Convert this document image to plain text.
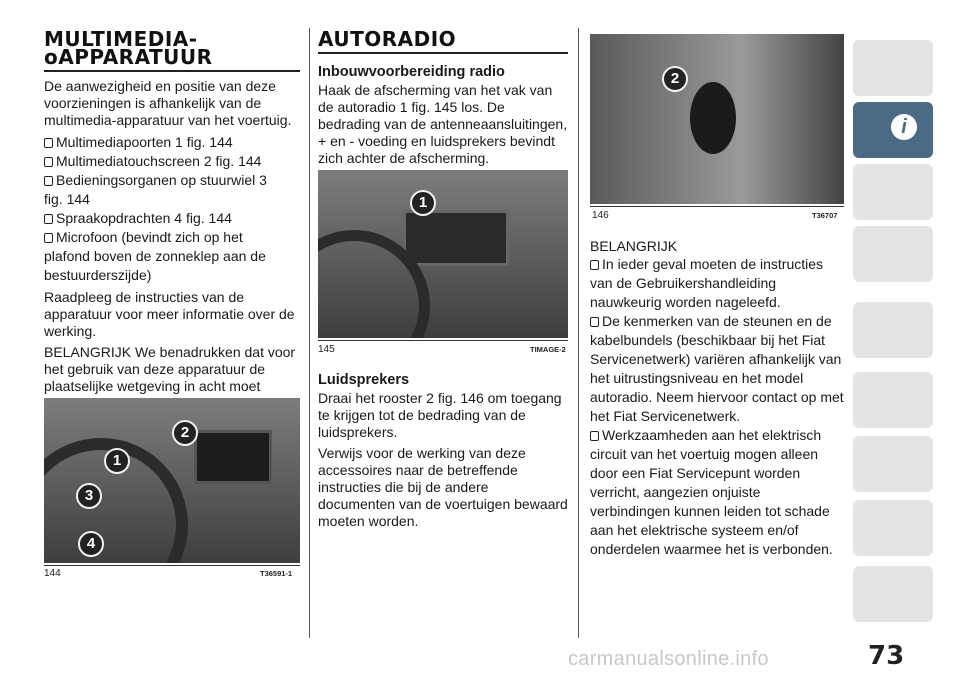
MULTIMEDIA-
oAPPARATUUR

De aanwezigheid en positie van deze voorzieningen is afhankelijk van de multimedia-apparatuur van het voertuig.

Multimediapoorten 1 fig. 144
Multimediatouchscreen 2 fig. 144
Bedieningsorganen op stuurwiel 3
fig. 144
Spraakopdrachten 4 fig. 144
Microfoon (bevindt zich op het
plafond boven de zonneklep aan de bestuurderszijde)

Raadpleeg de instructies van de apparatuur voor meer informatie over de werking.

BELANGRIJK We benadrukken dat voor het gebruik van deze apparatuur de plaatselijke wetgeving in acht moet

2
1
3
4
144	T36591-1
AUTORADIO
Inbouwvoorbereiding radio

Haak de afscherming van het vak van de autoradio 1 fig. 145 los. De bedrading van de antenneaansluitingen, + en - voeding en luidsprekers bevindt zich achter de afscherming.

1
145	TIMAGE-2
Luidsprekers

Draai het rooster 2 fig. 146 om toegang te krijgen tot de bedrading van de luidsprekers.

Verwijs voor de werking van deze accessoires naar de betreffende instructies die bij de andere documenten van de voertuigen bewaard moeten worden.

2
146	T36707
BELANGRIJK
In ieder geval moeten de instructies van de Gebruikershandleiding nauwkeurig worden nageleefd.
De kenmerken van de steunen en de kabelbundels (beschikbaar bij het Fiat Servicenetwerk) variëren afhankelijk van het uitrustingsniveau en het model autoradio. Neem hiervoor contact op met het Fiat Servicenetwerk.
Werkzaamheden aan het elektrisch circuit van het voertuig mogen alleen door een Fiat Servicepunt worden verricht, aangezien onjuiste verbindingen kunnen leiden tot schade aan het elektrische systeem en/of onderdelen waarmee het is verbonden.
i
73
carmanualsonline.info
